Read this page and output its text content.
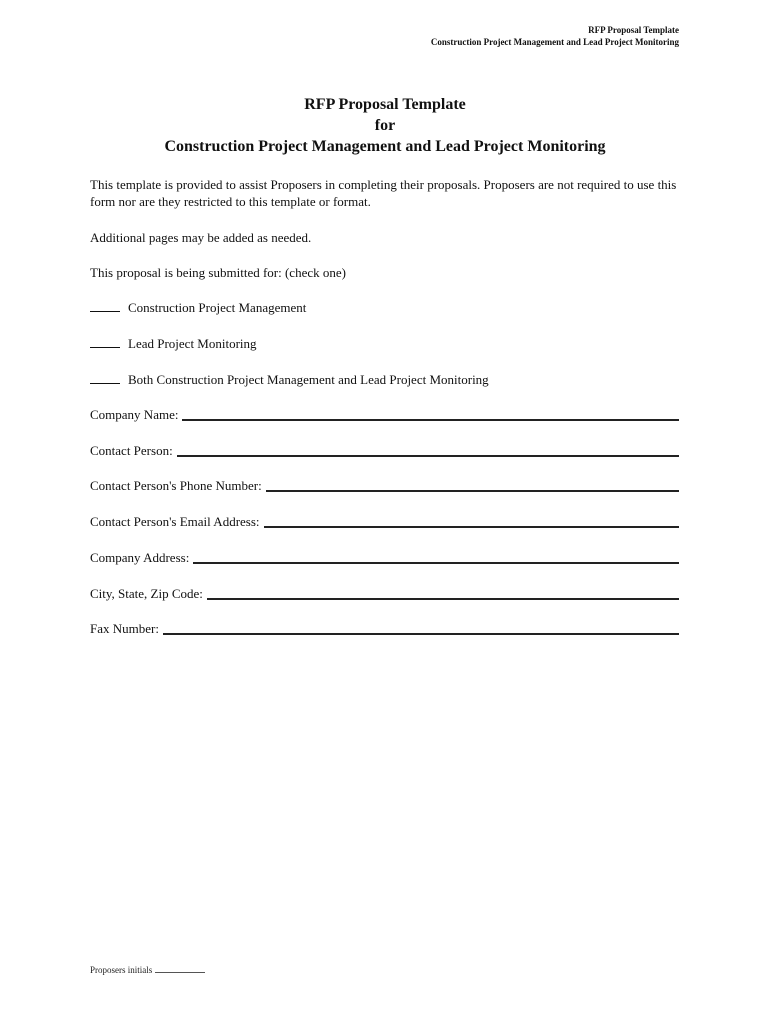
RFP Proposal Template
Construction Project Management and Lead Project Monitoring
RFP Proposal Template
for
Construction Project Management and Lead Project Monitoring
This template is provided to assist Proposers in completing their proposals. Proposers are not required to use this form nor are they restricted to this template or format.
Additional pages may be added as needed.
This proposal is being submitted for: (check one)
Construction Project Management
Lead Project Monitoring
Both Construction Project Management and Lead Project Monitoring
Company Name:
Contact Person:
Contact Person's Phone Number:
Contact Person's Email Address:
Company Address:
City, State, Zip Code:
Fax Number:
Proposers initials
